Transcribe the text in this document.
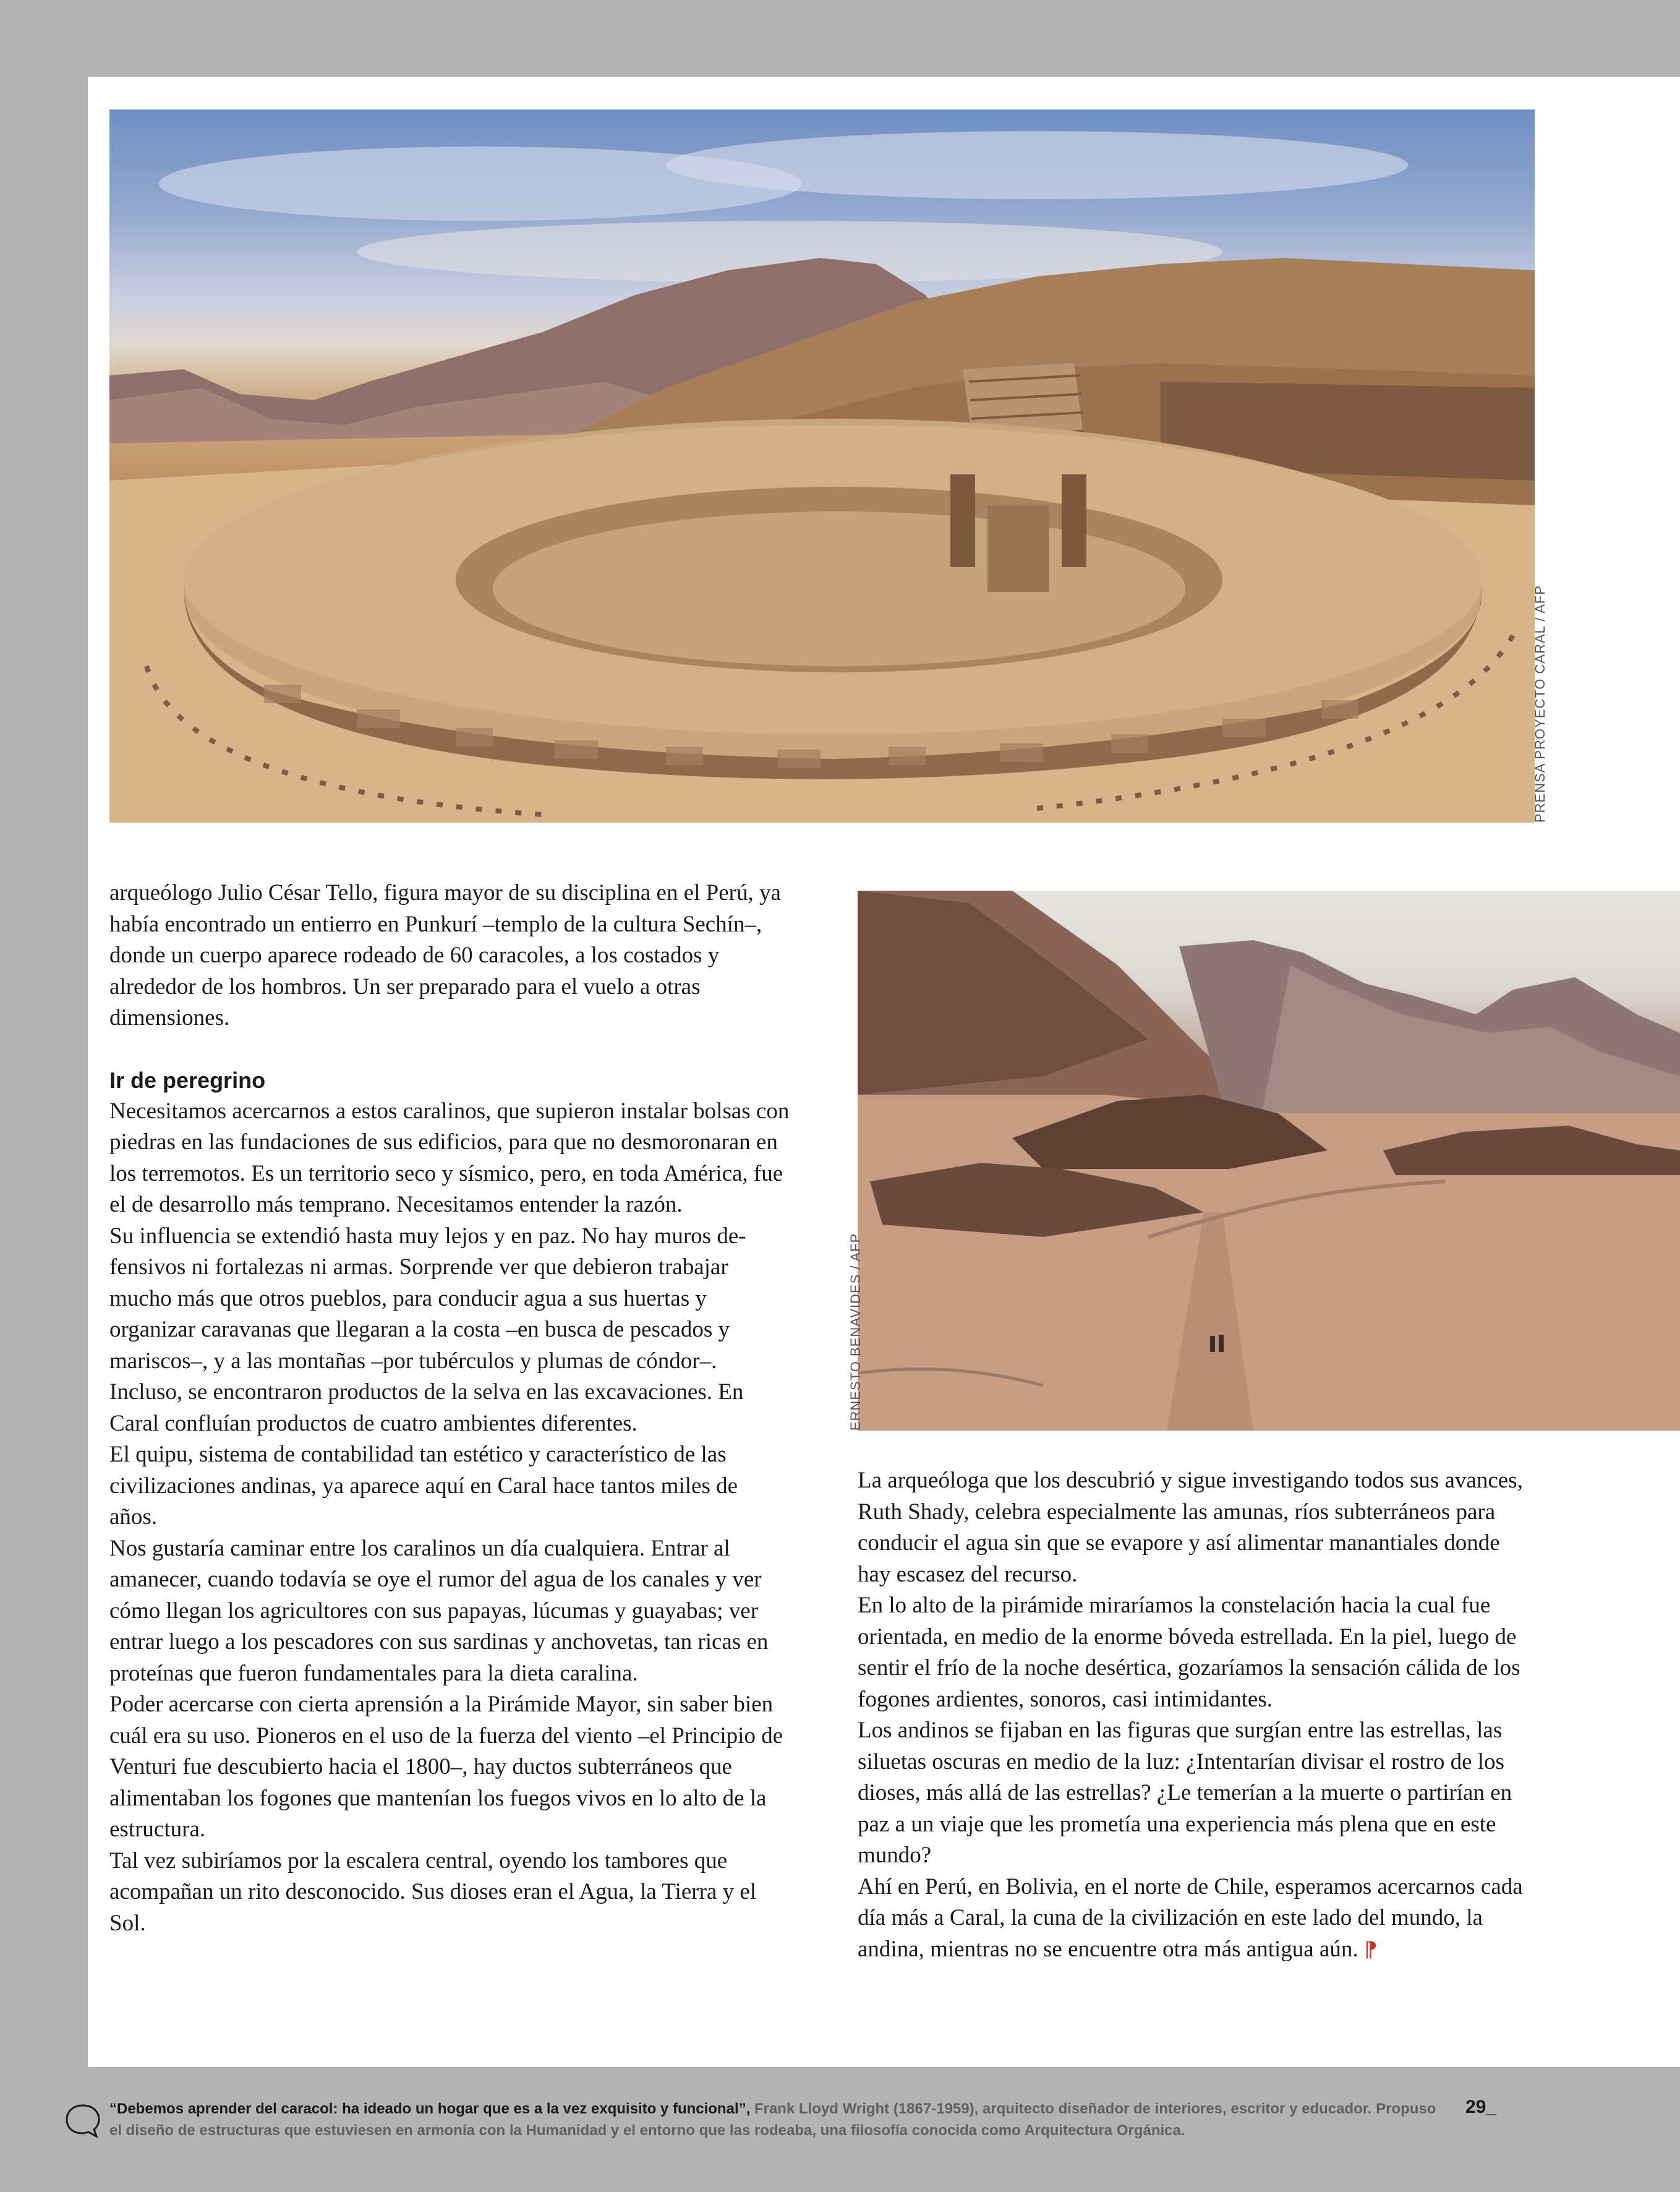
PRENSA PROYECTO CARAL / AFP
ERNESTO BENAVIDES / AFP

arqueólogo Julio César Tello, figura mayor de su disciplina en el Perú, ya había encontrado un entierro en Punkurí –templo de la cultura Sechín–, donde un cuerpo aparece rodeado de 60 caracoles, a los costados y alrededor de los hombros. Un ser preparado para el vuelo a otras dimensiones.

Ir de peregrino

Necesitamos acercarnos a estos caralinos, que supieron instalar bolsas con piedras en las fundaciones de sus edificios, para que no desmoronaran en los terremotos. Es un territorio seco y sísmico, pero, en toda América, fue el de desarrollo más temprano. Necesitamos entender la razón.

Su influencia se extendió hasta muy lejos y en paz. No hay muros defensivos ni fortalezas ni armas. Sorprende ver que debieron trabajar mucho más que otros pueblos, para conducir agua a sus huertas y organizar caravanas que llegaran a la costa –en busca de pescados y mariscos–, y a las montañas –por tubérculos y plumas de cóndor–. Incluso, se encontraron productos de la selva en las excavaciones. En Caral confluían productos de cuatro ambientes diferentes.

El quipu, sistema de contabilidad tan estético y característico de las civilizaciones andinas, ya aparece aquí en Caral hace tantos miles de años.

Nos gustaría caminar entre los caralinos un día cualquiera. Entrar al amanecer, cuando todavía se oye el rumor del agua de los canales y ver cómo llegan los agricultores con sus papayas, lúcumas y guayabas; ver entrar luego a los pescadores con sus sardinas y anchovetas, tan ricas en proteínas que fueron fundamentales para la dieta caralina.

Poder acercarse con cierta aprensión a la Pirámide Mayor, sin saber bien cuál era su uso. Pioneros en el uso de la fuerza del viento –el Principio de Venturi fue descubierto hacia el 1800–, hay ductos subterráneos que alimentaban los fogones que mantenían los fuegos vivos en lo alto de la estructura.

Tal vez subiríamos por la escalera central, oyendo los tambores que acompañan un rito desconocido. Sus dioses eran el Agua, la Tierra y el Sol.

La arqueóloga que los descubrió y sigue investigando todos sus avances, Ruth Shady, celebra especialmente las amunas, ríos subterráneos para conducir el agua sin que se evapore y así alimentar manantiales donde hay escasez del recurso.

En lo alto de la pirámide miraríamos la constelación hacia la cual fue orientada, en medio de la enorme bóveda estrellada. En la piel, luego de sentir el frío de la noche desértica, gozaríamos la sensación cálida de los fogones ardientes, sonoros, casi intimidantes.

Los andinos se fijaban en las figuras que surgían entre las estrellas, las siluetas oscuras en medio de la luz: ¿Intentarían divisar el rostro de los dioses, más allá de las estrellas? ¿Le temerían a la muerte o partirían en paz a un viaje que les prometía una experiencia más plena que en este mundo?

Ahí en Perú, en Bolivia, en el norte de Chile, esperamos acercarnos cada día más a Caral, la cuna de la civilización en este lado del mundo, la andina, mientras no se encuentre otra más antigua aún. ⁋

“Debemos aprender del caracol: ha ideado un hogar que es a la vez exquisito y funcional”, Frank Lloyd Wright (1867-1959), arquitecto diseñador de interiores, escritor y educador. Propuso el diseño de estructuras que estuviesen en armonía con la Humanidad y el entorno que las rodeaba, una filosofía conocida como Arquitectura Orgánica.
29_
